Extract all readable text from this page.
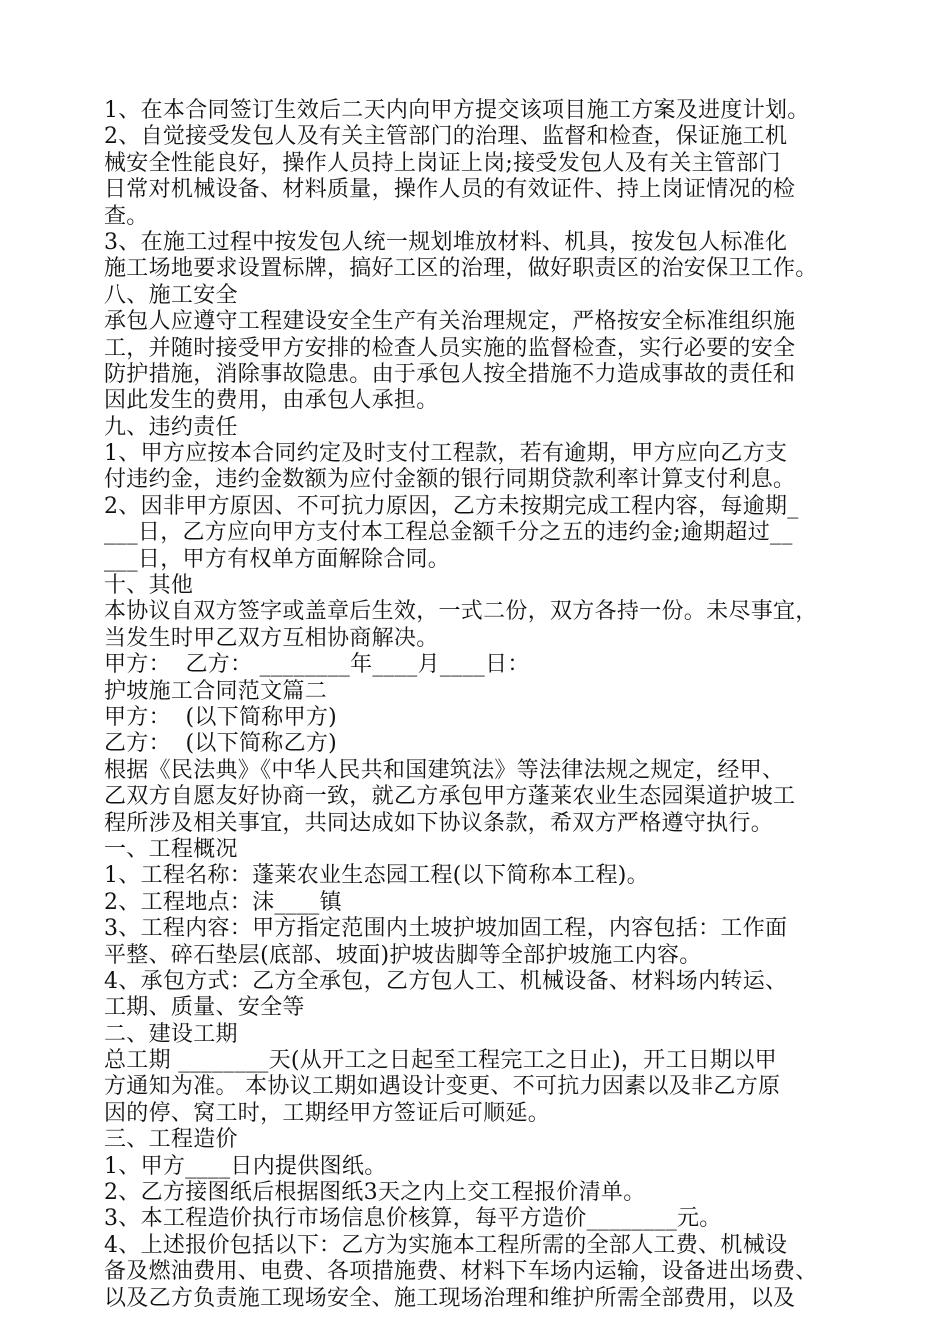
1、在本合同签订生效后二天内向甲方提交该项目施工方案及进度计划。
2、自觉接受发包人及有关主管部门的治理、监督和检查，保证施工机
械安全性能良好，操作人员持上岗证上岗;接受发包人及有关主管部门
日常对机械设备、材料质量，操作人员的有效证件、持上岗证情况的检
查。
3、在施工过程中按发包人统一规划堆放材料、机具，按发包人标准化
施工场地要求设置标牌，搞好工区的治理，做好职责区的治安保卫工作。
八、施工安全
承包人应遵守工程建设安全生产有关治理规定，严格按安全标准组织施
工，并随时接受甲方安排的检查人员实施的监督检查，实行必要的安全
防护措施，消除事故隐患。由于承包人按全措施不力造成事故的责任和
因此发生的费用，由承包人承担。
九、违约责任
1、甲方应按本合同约定及时支付工程款，若有逾期，甲方应向乙方支
付违约金，违约金数额为应付金额的银行同期贷款利率计算支付利息。
2、因非甲方原因、不可抗力原因，乙方未按期完成工程内容，每逾期_
___日，乙方应向甲方支付本工程总金额千分之五的违约金;逾期超过__
___日，甲方有权单方面解除合同。
十、其他
本协议自双方签字或盖章后生效，一式二份，双方各持一份。未尽事宜，
当发生时甲乙双方互相协商解决。
甲方：  乙方： ________年____月____日：
护坡施工合同范文篇二
甲方：  (以下简称甲方)
乙方：  (以下简称乙方)
根据《民法典》《中华人民共和国建筑法》等法律法规之规定，经甲、
乙双方自愿友好协商一致，就乙方承包甲方蓬莱农业生态园渠道护坡工
程所涉及相关事宜，共同达成如下协议条款，希双方严格遵守执行。
一、工程概况
1、工程名称：蓬莱农业生态园工程(以下简称本工程)。
2、工程地点：沫____镇
3、工程内容：甲方指定范围内土坡护坡加固工程，内容包括：工作面
平整、碎石垫层(底部、坡面)护坡齿脚等全部护坡施工内容。
4、承包方式：乙方全承包，乙方包人工、机械设备、材料场内转运、
工期、质量、安全等
二、建设工期
总工期 ________天(从开工之日起至工程完工之日止)，开工日期以甲
方通知为准。 本协议工期如遇设计变更、不可抗力因素以及非乙方原
因的停、窝工时，工期经甲方签证后可顺延。
三、工程造价
1、甲方____日内提供图纸。
2、乙方接图纸后根据图纸3天之内上交工程报价清单。
3、本工程造价执行市场信息价核算，每平方造价________元。
4、上述报价包括以下：乙方为实施本工程所需的全部人工费、机械设
备及燃油费用、电费、各项措施费、材料下车场内运输，设备进出场费、
以及乙方负责施工现场安全、施工现场治理和维护所需全部费用，以及
